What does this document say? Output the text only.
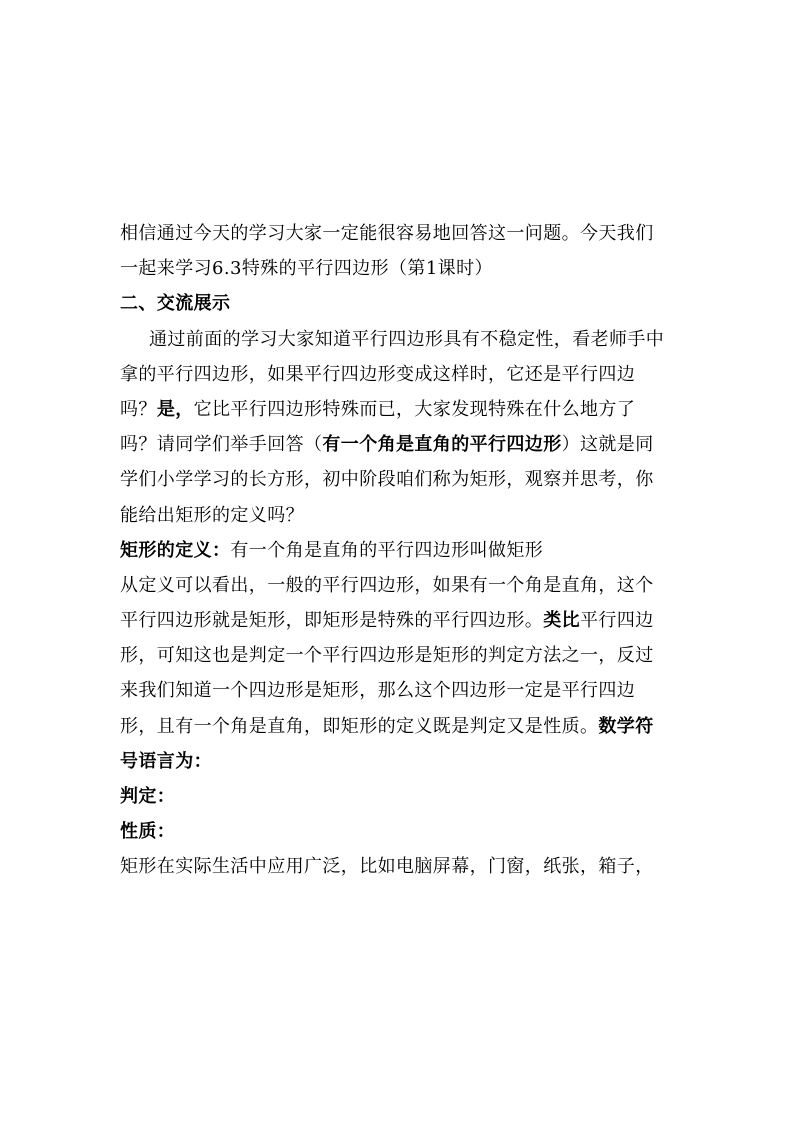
相信通过今天的学习大家一定能很容易地回答这一问题。今天我们
一起来学习6.3特殊的平行四边形（第1课时）
二、交流展示
通过前面的学习大家知道平行四边形具有不稳定性，看老师手中
拿的平行四边形，如果平行四边形变成这样时，它还是平行四边
吗？是，它比平行四边形特殊而已，大家发现特殊在什么地方了
吗？请同学们举手回答（有一个角是直角的平行四边形）这就是同
学们小学学习的长方形，初中阶段咱们称为矩形，观察并思考，你
能给出矩形的定义吗？
矩形的定义：有一个角是直角的平行四边形叫做矩形
从定义可以看出，一般的平行四边形，如果有一个角是直角，这个
平行四边形就是矩形，即矩形是特殊的平行四边形。类比平行四边
形，可知这也是判定一个平行四边形是矩形的判定方法之一，反过
来我们知道一个四边形是矩形，那么这个四边形一定是平行四边
形，且有一个角是直角，即矩形的定义既是判定又是性质。数学符
号语言为：
判定：
性质：
矩形在实际生活中应用广泛，比如电脑屏幕，门窗，纸张，箱子，
